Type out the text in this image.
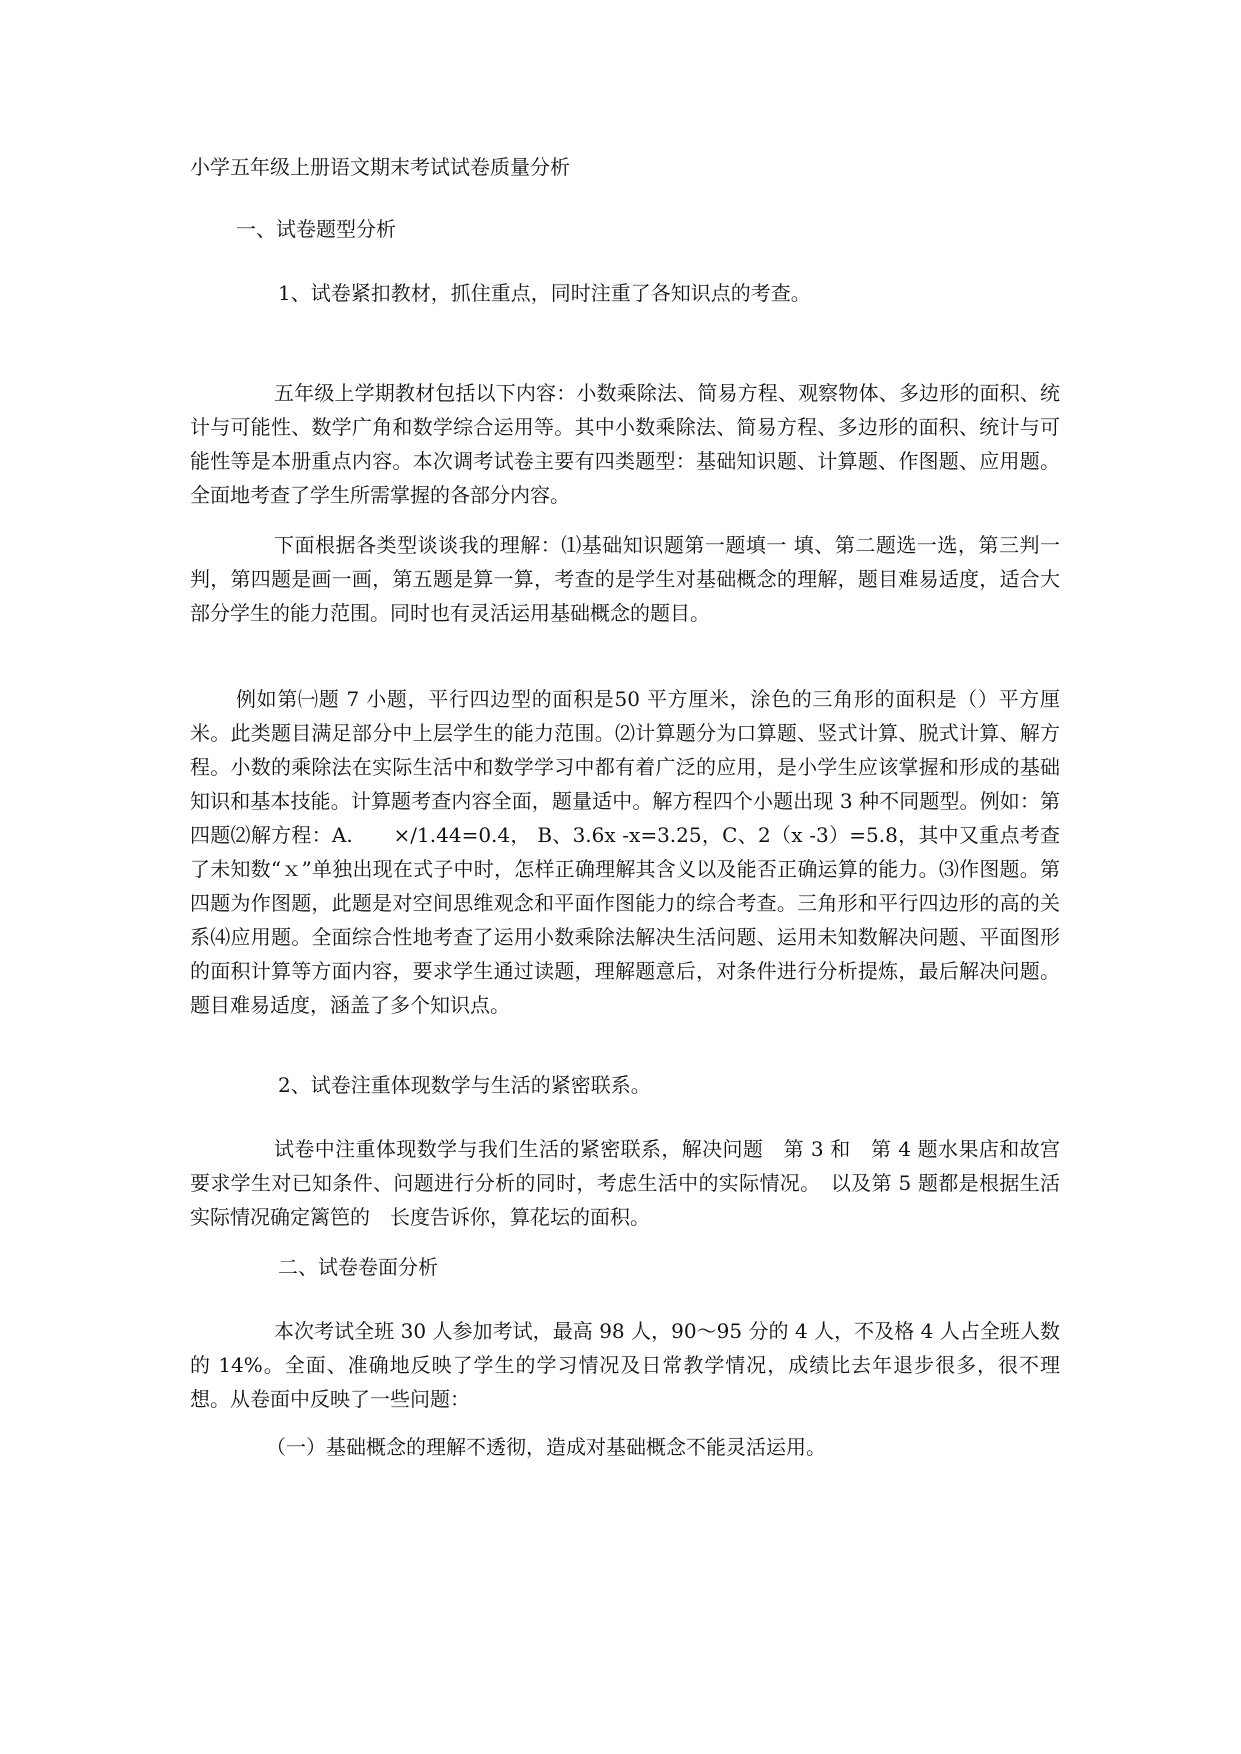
小学五年级上册语文期末考试试卷质量分析
一、试卷题型分析
1、试卷紧扣教材，抓住重点，同时注重了各知识点的考查。
五年级上学期教材包括以下内容：小数乘除法、简易方程、观察物体、多边形的面积、统计与可能性、数学广角和数学综合运用等。其中小数乘除法、简易方程、多边形的面积、统计与可能性等是本册重点内容。本次调考试卷主要有四类题型：基础知识题、计算题、作图题、应用题。全面地考查了学生所需掌握的各部分内容。
下面根据各类型谈谈我的理解：⑴基础知识题第一题填一 填、第二题选一选，第三判一判，第四题是画一画，第五题是算一算，考查的是学生对基础概念的理解，题目难易适度，适合大部分学生的能力范围。同时也有灵活运用基础概念的题目。
例如第㈠题 7 小题，平行四边型的面积是50 平方厘米，涂色的三角形的面积是（）平方厘米。此类题目满足部分中上层学生的能力范围。⑵计算题分为口算题、竖式计算、脱式计算、解方程。小数的乘除法在实际生活中和数学学习中都有着广泛的应用，是小学生应该掌握和形成的基础知识和基本技能。计算题考查内容全面，题量适中。解方程四个小题出现 3 种不同题型。例如：第四题⑵解方程：A.　　×/1.44=0.4， B、3.6x -x=3.25，C、2（x -3）=5.8，其中又重点考查了未知数“ｘ”单独出现在式子中时，怎样正确理解其含义以及能否正确运算的能力。⑶作图题。第四题为作图题，此题是对空间思维观念和平面作图能力的综合考查。三角形和平行四边形的高的关系⑷应用题。全面综合性地考查了运用小数乘除法解决生活问题、运用未知数解决问题、平面图形的面积计算等方面内容，要求学生通过读题，理解题意后，对条件进行分析提炼，最后解决问题。题目难易适度，涵盖了多个知识点。
2、试卷注重体现数学与生活的紧密联系。
试卷中注重体现数学与我们生活的紧密联系，解决问题　第 3 和　第 4 题水果店和故宫要求学生对已知条件、问题进行分析的同时，考虑生活中的实际情况。　以及第 5 题都是根据生活实际情况确定篱笆的　长度告诉你，算花坛的面积。
二、试卷卷面分析
本次考试全班 30 人参加考试，最高 98 人，90～95 分的 4 人，不及格 4 人占全班人数的 14%。全面、准确地反映了学生的学习情况及日常教学情况，成绩比去年退步很多，很不理想。从卷面中反映了一些问题：
（一）基础概念的理解不透彻，造成对基础概念不能灵活运用。
